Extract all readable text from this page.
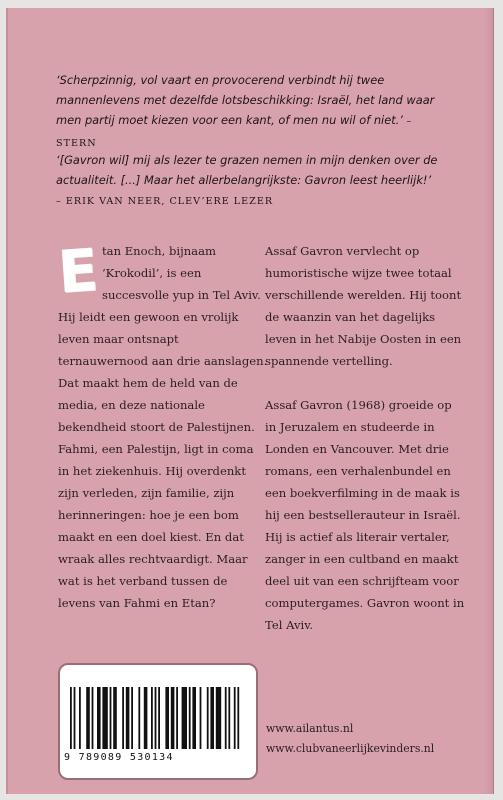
‘Scherpzinnig, vol vaart en provocerend verbindt hij twee mannenlevens met dezelfde lotsbeschikking: Israël, het land waar men partij moet kiezen voor een kant, of men nu wil of niet.’ – STERN

‘[Gavron wil] mij als lezer te grazen nemen in mijn denken over de actualiteit. [...] Maar het allerbelangrijkste: Gavron leest heerlijk!’
– ERIK VAN NEER, CLEV’ERE LEZER

E tan Enoch, bijnaam ‘Krokodil’, is een succesvolle yup in Tel Aviv. Hij leidt een gewoon en vrolijk leven maar ontsnapt ternauwernood aan drie aanslagen. Dat maakt hem de held van de media, en deze nationale bekendheid stoort de Palestijnen. Fahmi, een Palestijn, ligt in coma in het ziekenhuis. Hij overdenkt zijn verleden, zijn familie, zijn herinneringen: hoe je een bom maakt en een doel kiest. En dat wraak alles rechtvaardigt. Maar wat is het verband tussen de levens van Fahmi en Etan?

Assaf Gavron vervlecht op humoristische wijze twee totaal verschillende werelden. Hij toont de waanzin van het dagelijks leven in het Nabije Oosten in een spannende vertelling.

Assaf Gavron (1968) groeide op in Jeruzalem en studeerde in Londen en Vancouver. Met drie romans, een verhalenbundel en een boekverfilming in de maak is hij een bestsellerauteur in Israël. Hij is actief als literair vertaler, zanger in een cultband en maakt deel uit van een schrijfteam voor computergames. Gavron woont in Tel Aviv.

9 789089 530134
www.ailantus.nl
www.clubvaneerlijkevinders.nl
